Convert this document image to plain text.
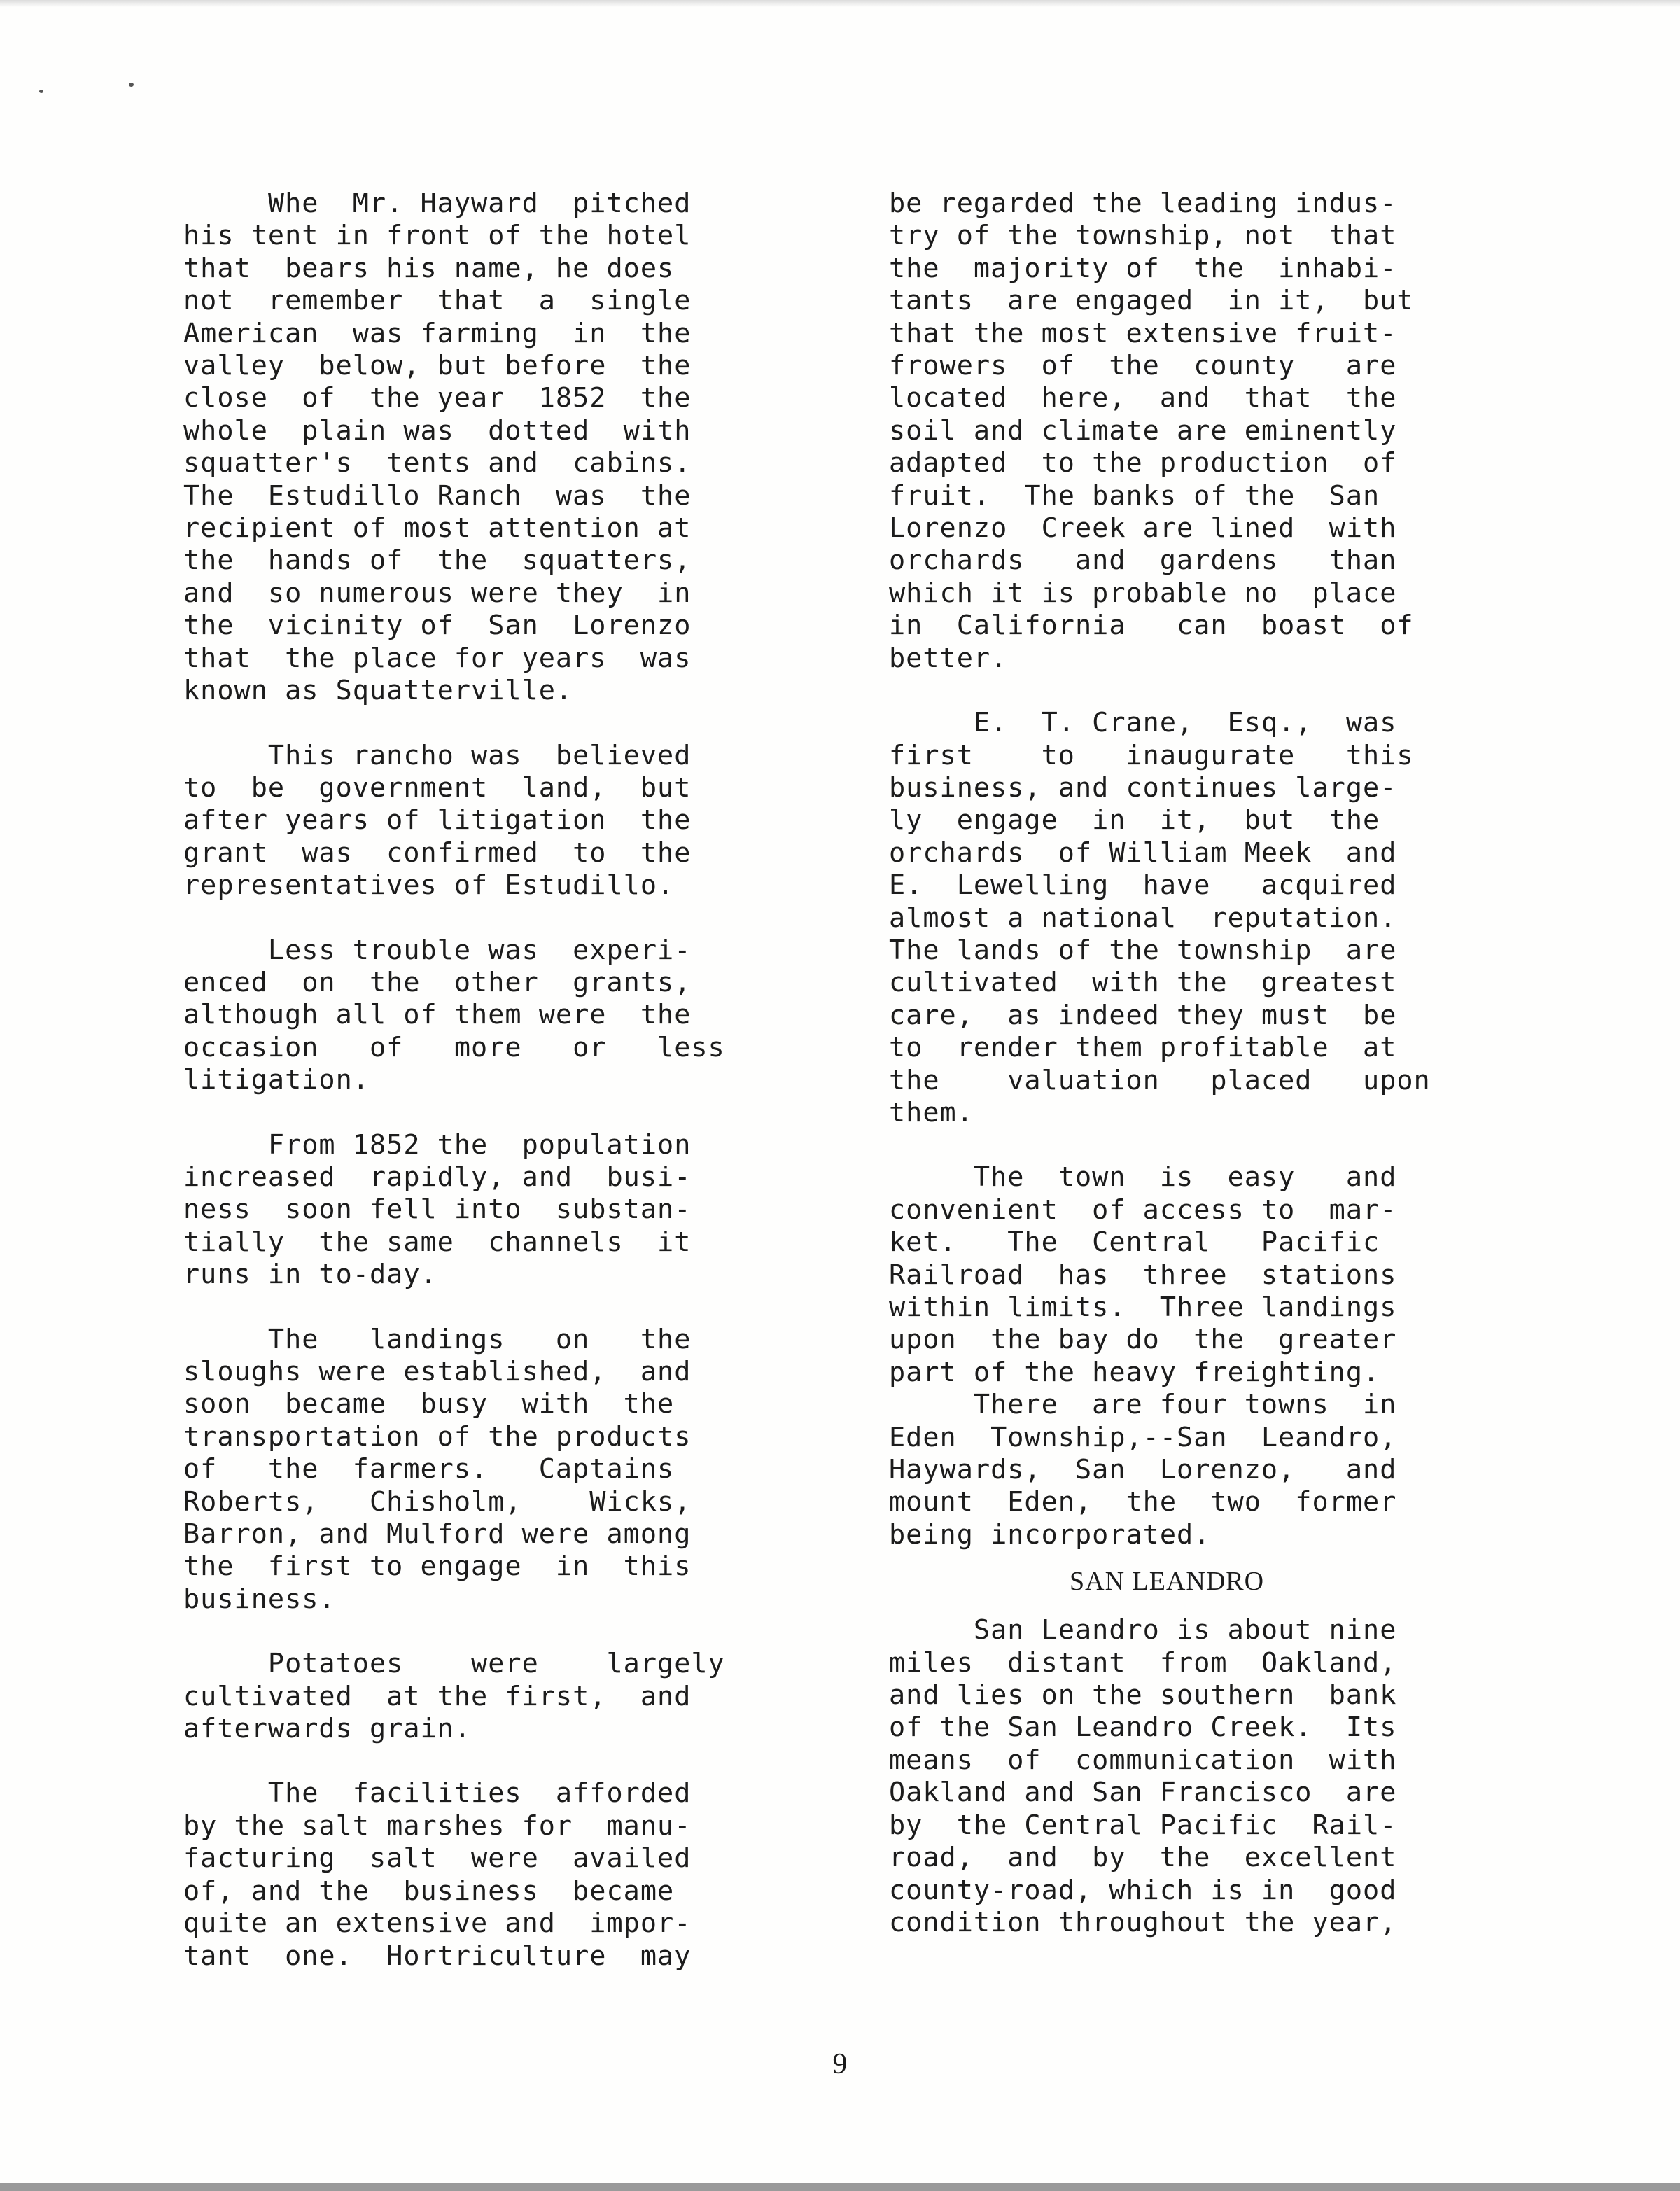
Whe  Mr. Hayward  pitched
his tent in front of the hotel
that  bears his name, he does
not  remember  that  a  single
American  was farming  in  the
valley  below, but before  the
close  of  the year  1852  the
whole  plain was  dotted  with
squatter's  tents and  cabins.
The  Estudillo Ranch  was  the
recipient of most attention at
the  hands of  the  squatters,
and  so numerous were they  in
the  vicinity of  San  Lorenzo
that  the place for years  was
known as Squatterville.

This rancho was  believed
to  be  government  land,  but
after years of litigation  the
grant  was  confirmed  to  the
representatives of Estudillo.

Less trouble was  experi-
enced  on  the  other  grants,
although all of them were  the
occasion   of   more   or   less
litigation.

From 1852 the  population
increased  rapidly, and  busi-
ness  soon fell into  substan-
tially  the same  channels  it
runs in to-day.

The   landings   on   the
sloughs were established,  and
soon  became  busy  with  the
transportation of the products
of   the  farmers.   Captains
Roberts,   Chisholm,    Wicks,
Barron, and Mulford were among
the  first to engage  in  this
business.

Potatoes    were    largely
cultivated  at the first,  and
afterwards grain.

The  facilities  afforded
by the salt marshes for  manu-
facturing  salt  were  availed
of, and the  business  became
quite an extensive and  impor-
tant  one.  Hortriculture  may

be regarded the leading indus-
try of the township, not  that
the  majority of  the  inhabi-
tants  are engaged  in it,  but
that the most extensive fruit-
frowers  of  the  county   are
located  here,  and  that  the
soil and climate are eminently
adapted  to the production  of
fruit.  The banks of the  San
Lorenzo  Creek are lined  with
orchards   and  gardens   than
which it is probable no  place
in  California   can  boast  of
better.

E.  T. Crane,  Esq.,  was
first    to   inaugurate   this
business, and continues large-
ly  engage  in  it,  but  the
orchards  of William Meek  and
E.  Lewelling  have   acquired
almost a national  reputation.
The lands of the township  are
cultivated  with the  greatest
care,  as indeed they must  be
to  render them profitable  at
the    valuation   placed   upon
them.

The  town  is  easy   and
convenient  of access to  mar-
ket.   The  Central   Pacific
Railroad  has  three  stations
within limits.  Three landings
upon  the bay do  the  greater
part of the heavy freighting.
There  are four towns  in
Eden  Township,--San  Leandro,
Haywards,  San  Lorenzo,   and
mount  Eden,  the  two  former
being incorporated.

SAN LEANDRO

San Leandro is about nine
miles  distant  from  Oakland,
and lies on the southern  bank
of the San Leandro Creek.  Its
means  of  communication  with
Oakland and San Francisco  are
by  the Central Pacific  Rail-
road,  and  by  the  excellent
county-road, which is in  good
condition throughout the year,

9
